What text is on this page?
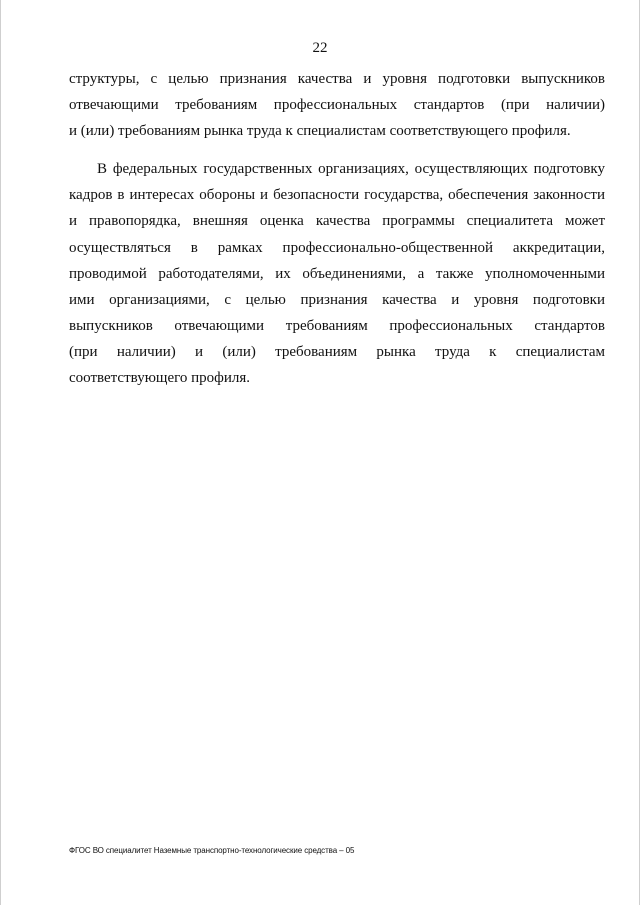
22
структуры, с целью признания качества и уровня подготовки выпускников
отвечающими требованиям профессиональных стандартов (при наличии)
и (или) требованиям рынка труда к специалистам соответствующего профиля.
В федеральных государственных организациях, осуществляющих подготовку
кадров в интересах обороны и безопасности государства, обеспечения законности
и правопорядка, внешняя оценка качества программы специалитета может
осуществляться в рамках профессионально-общественной аккредитации,
проводимой работодателями, их объединениями, а также уполномоченными
ими организациями, с целью признания качества и уровня подготовки
выпускников отвечающими требованиям профессиональных стандартов
(при наличии) и (или) требованиям рынка труда к специалистам
соответствующего профиля.
ФГОС ВО специалитет Наземные транспортно-технологические средства – 05
